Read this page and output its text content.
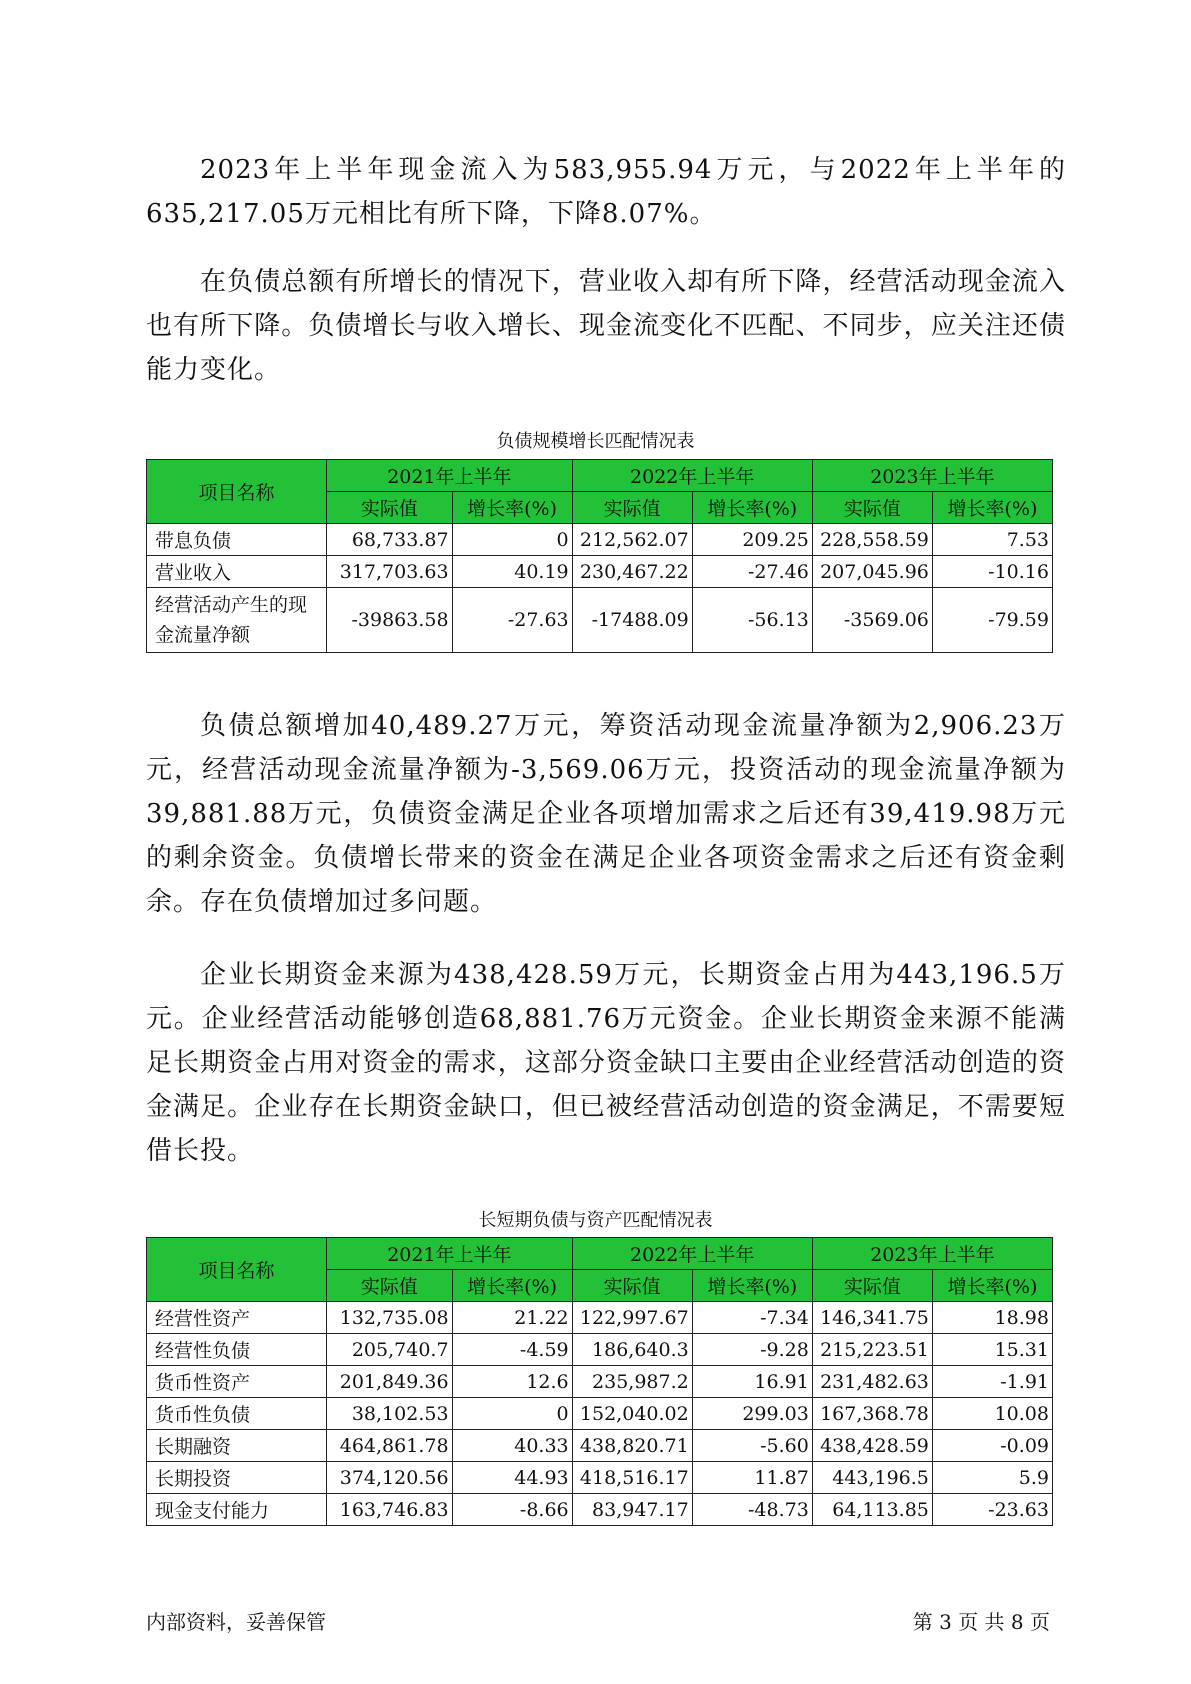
2023年上半年现金流入为583,955.94万元，与2022年上半年的635,217.05万元相比有所下降，下降8.07%。

在负债总额有所增长的情况下，营业收入却有所下降，经营活动现金流入也有所下降。负债增长与收入增长、现金流变化不匹配、不同步，应关注还债能力变化。

负债规模增长匹配情况表
项目名称	2021年上半年		2022年上半年		2023年上半年	
	实际值	增长率(%)	实际值	增长率(%)	实际值	增长率(%)
带息负债	68,733.87	0	212,562.07	209.25	228,558.59	7.53
营业收入	317,703.63	40.19	230,467.22	-27.46	207,045.96	-10.16
经营活动产生的现金流量净额	-39863.58	-27.63	-17488.09	-56.13	-3569.06	-79.59

负债总额增加40,489.27万元，筹资活动现金流量净额为2,906.23万元，经营活动现金流量净额为-3,569.06万元，投资活动的现金流量净额为39,881.88万元，负债资金满足企业各项增加需求之后还有39,419.98万元的剩余资金。负债增长带来的资金在满足企业各项资金需求之后还有资金剩余。存在负债增加过多问题。

企业长期资金来源为438,428.59万元，长期资金占用为443,196.5万元。企业经营活动能够创造68,881.76万元资金。企业长期资金来源不能满足长期资金占用对资金的需求，这部分资金缺口主要由企业经营活动创造的资金满足。企业存在长期资金缺口，但已被经营活动创造的资金满足，不需要短借长投。

长短期负债与资产匹配情况表
项目名称	2021年上半年		2022年上半年		2023年上半年	
	实际值	增长率(%)	实际值	增长率(%)	实际值	增长率(%)
经营性资产	132,735.08	21.22	122,997.67	-7.34	146,341.75	18.98
经营性负债	205,740.7	-4.59	186,640.3	-9.28	215,223.51	15.31
货币性资产	201,849.36	12.6	235,987.2	16.91	231,482.63	-1.91
货币性负债	38,102.53	0	152,040.02	299.03	167,368.78	10.08
长期融资	464,861.78	40.33	438,820.71	-5.60	438,428.59	-0.09
长期投资	374,120.56	44.93	418,516.17	11.87	443,196.5	5.9
现金支付能力	163,746.83	-8.66	83,947.17	-48.73	64,113.85	-23.63
内部资料，妥善保管	第 3 页 共 8 页
